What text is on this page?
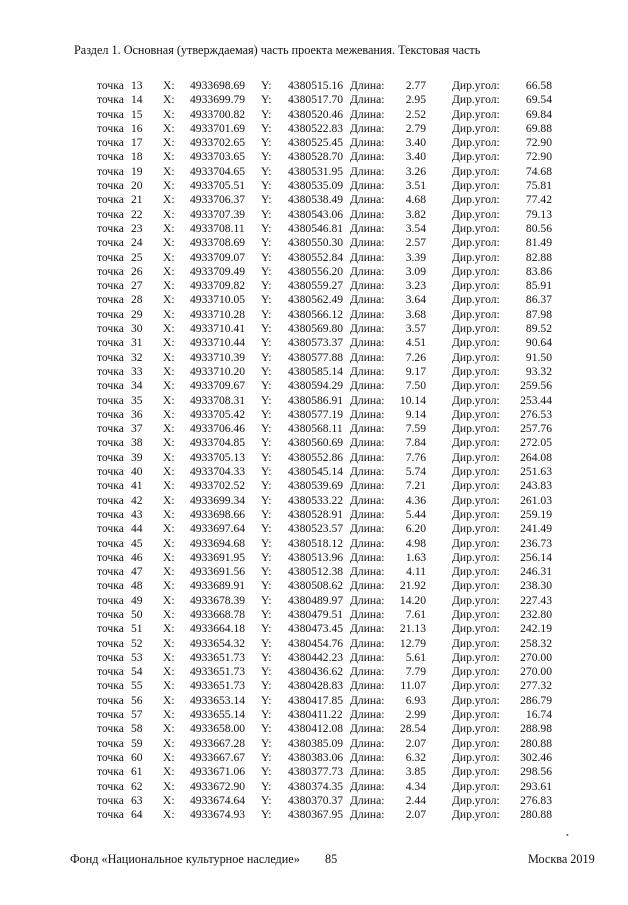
Раздел 1. Основная (утверждаемая) часть проекта межевания. Текстовая часть
точка 13 X: 4933698.69 Y: 4380515.16 Длина:	2.77 Дир.угол:	66.58
точка 14 X: 4933699.79 Y: 4380517.70 Длина:	2.95 Дир.угол:	69.54
точка 15 X: 4933700.82 Y: 4380520.46 Длина:	2.52 Дир.угол:	69.84
точка 16 X: 4933701.69 Y: 4380522.83 Длина:	2.79 Дир.угол:	69.88
точка 17 X: 4933702.65 Y: 4380525.45 Длина:	3.40 Дир.угол:	72.90
точка 18 X: 4933703.65 Y: 4380528.70 Длина:	3.40 Дир.угол:	72.90
точка 19 X: 4933704.65 Y: 4380531.95 Длина:	3.26 Дир.угол:	74.68
точка 20 X: 4933705.51 Y: 4380535.09 Длина:	3.51 Дир.угол:	75.81
точка 21 X: 4933706.37 Y: 4380538.49 Длина:	4.68 Дир.угол:	77.42
точка 22 X: 4933707.39 Y: 4380543.06 Длина:	3.82 Дир.угол:	79.13
точка 23 X: 4933708.11 Y: 4380546.81 Длина:	3.54 Дир.угол:	80.56
точка 24 X: 4933708.69 Y: 4380550.30 Длина:	2.57 Дир.угол:	81.49
точка 25 X: 4933709.07 Y: 4380552.84 Длина:	3.39 Дир.угол:	82.88
точка 26 X: 4933709.49 Y: 4380556.20 Длина:	3.09 Дир.угол:	83.86
точка 27 X: 4933709.82 Y: 4380559.27 Длина:	3.23 Дир.угол:	85.91
точка 28 X: 4933710.05 Y: 4380562.49 Длина:	3.64 Дир.угол:	86.37
точка 29 X: 4933710.28 Y: 4380566.12 Длина:	3.68 Дир.угол:	87.98
точка 30 X: 4933710.41 Y: 4380569.80 Длина:	3.57 Дир.угол:	89.52
точка 31 X: 4933710.44 Y: 4380573.37 Длина:	4.51 Дир.угол:	90.64
точка 32 X: 4933710.39 Y: 4380577.88 Длина:	7.26 Дир.угол:	91.50
точка 33 X: 4933710.20 Y: 4380585.14 Длина:	9.17 Дир.угол:	93.32
точка 34 X: 4933709.67 Y: 4380594.29 Длина:	7.50 Дир.угол:	259.56
точка 35 X: 4933708.31 Y: 4380586.91 Длина:	10.14 Дир.угол:	253.44
точка 36 X: 4933705.42 Y: 4380577.19 Длина:	9.14 Дир.угол:	276.53
точка 37 X: 4933706.46 Y: 4380568.11 Длина:	7.59 Дир.угол:	257.76
точка 38 X: 4933704.85 Y: 4380560.69 Длина:	7.84 Дир.угол:	272.05
точка 39 X: 4933705.13 Y: 4380552.86 Длина:	7.76 Дир.угол:	264.08
точка 40 X: 4933704.33 Y: 4380545.14 Длина:	5.74 Дир.угол:	251.63
точка 41 X: 4933702.52 Y: 4380539.69 Длина:	7.21 Дир.угол:	243.83
точка 42 X: 4933699.34 Y: 4380533.22 Длина:	4.36 Дир.угол:	261.03
точка 43 X: 4933698.66 Y: 4380528.91 Длина:	5.44 Дир.угол:	259.19
точка 44 X: 4933697.64 Y: 4380523.57 Длина:	6.20 Дир.угол:	241.49
точка 45 X: 4933694.68 Y: 4380518.12 Длина:	4.98 Дир.угол:	236.73
точка 46 X: 4933691.95 Y: 4380513.96 Длина:	1.63 Дир.угол:	256.14
точка 47 X: 4933691.56 Y: 4380512.38 Длина:	4.11 Дир.угол:	246.31
точка 48 X: 4933689.91 Y: 4380508.62 Длина:	21.92 Дир.угол:	238.30
точка 49 X: 4933678.39 Y: 4380489.97 Длина:	14.20 Дир.угол:	227.43
точка 50 X: 4933668.78 Y: 4380479.51 Длина:	7.61 Дир.угол:	232.80
точка 51 X: 4933664.18 Y: 4380473.45 Длина:	21.13 Дир.угол:	242.19
точка 52 X: 4933654.32 Y: 4380454.76 Длина:	12.79 Дир.угол:	258.32
точка 53 X: 4933651.73 Y: 4380442.23 Длина:	5.61 Дир.угол:	270.00
точка 54 X: 4933651.73 Y: 4380436.62 Длина:	7.79 Дир.угол:	270.00
точка 55 X: 4933651.73 Y: 4380428.83 Длина:	11.07 Дир.угол:	277.32
точка 56 X: 4933653.14 Y: 4380417.85 Длина:	6.93 Дир.угол:	286.79
точка 57 X: 4933655.14 Y: 4380411.22 Длина:	2.99 Дир.угол:	16.74
точка 58 X: 4933658.00 Y: 4380412.08 Длина:	28.54 Дир.угол:	288.98
точка 59 X: 4933667.28 Y: 4380385.09 Длина:	2.07 Дир.угол:	280.88
точка 60 X: 4933667.67 Y: 4380383.06 Длина:	6.32 Дир.угол:	302.46
точка 61 X: 4933671.06 Y: 4380377.73 Длина:	3.85 Дир.угол:	298.56
точка 62 X: 4933672.90 Y: 4380374.35 Длина:	4.34 Дир.угол:	293.61
точка 63 X: 4933674.64 Y: 4380370.37 Длина:	2.44 Дир.угол:	276.83
точка 64 X: 4933674.93 Y: 4380367.95 Длина:	2.07 Дир.угол:	280.88
•
Фонд «Национальное культурное наследие» 85	Москва 2019
